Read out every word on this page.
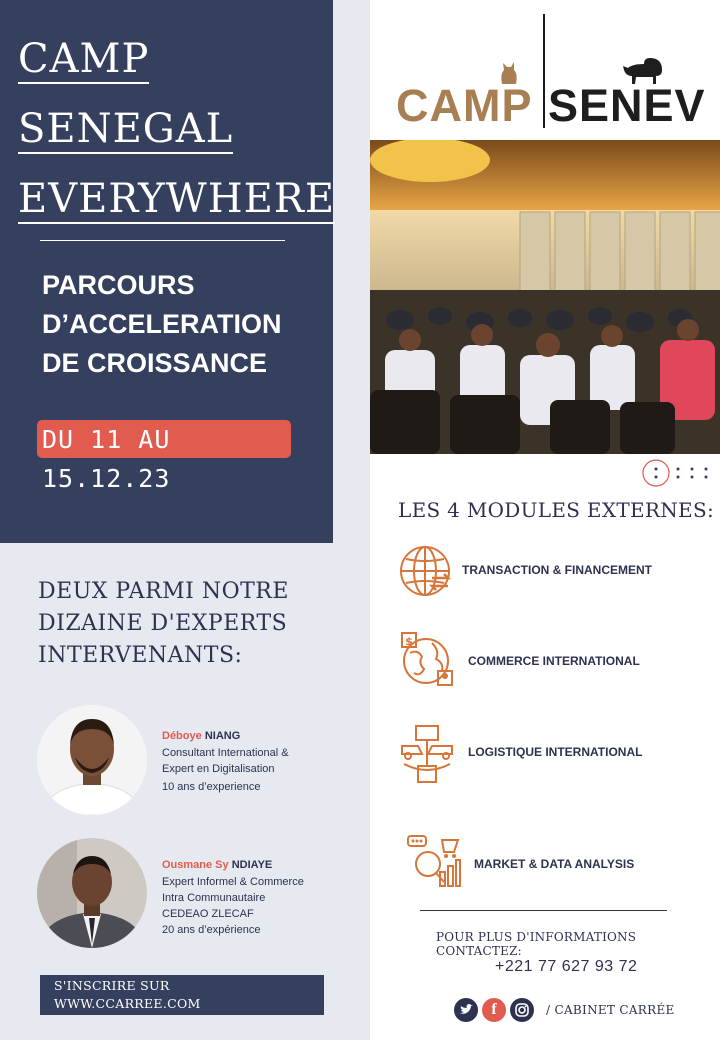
CAMP
SENEGAL
EVERYWHERE
PARCOURS
D’ACCELERATION
DE CROISSANCE
DU 11 AU
15.12.23
DEUX PARMI NOTRE
DIZAINE D'EXPERTS
INTERVENANTS:
Déboye NIANG
Consultant International &
Expert en Digitalisation
10 ans d’experience
Ousmane Sy NDIAYE
Expert Informel & Commerce
Intra Communautaire
CEDEAO ZLECAF
20 ans d’expérience
S'INSCRIRE SUR
WWW.CCARREE.COM
CAMP SENEV
LES 4 MODULES EXTERNES:
TRANSACTION & FINANCEMENT
$
COMMERCE INTERNATIONAL
LOGISTIQUE INTERNATIONAL
MARKET & DATA ANALYSIS
POUR PLUS D'INFORMATIONS CONTACTEZ:
+221 77 627 93 72
f	/ CABINET CARRÉE
